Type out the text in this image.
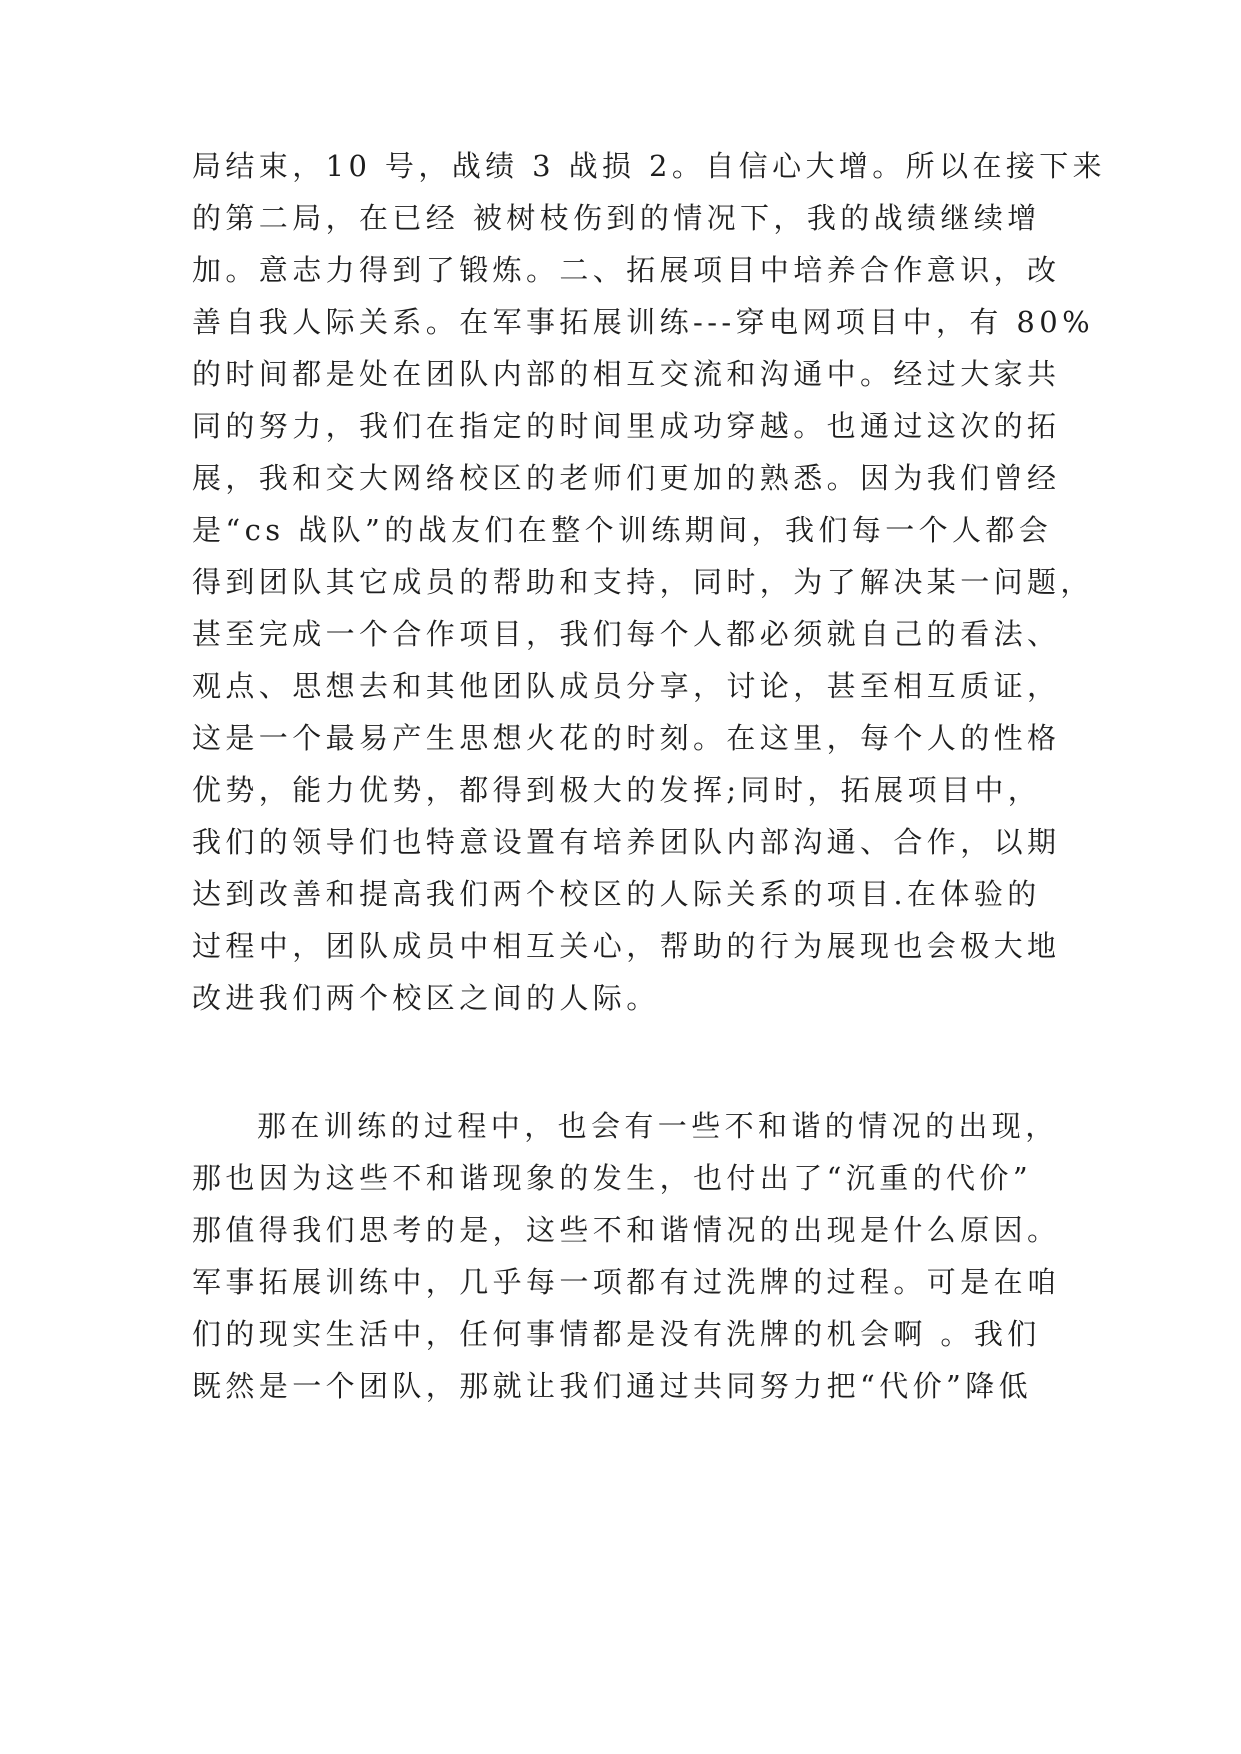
局结束，10 号，战绩 3 战损 2。自信心大增。所以在接下来
的第二局，在已经 被树枝伤到的情况下，我的战绩继续增
加。意志力得到了锻炼。二、拓展项目中培养合作意识，改
善自我人际关系。在军事拓展训练---穿电网项目中，有 80%
的时间都是处在团队内部的相互交流和沟通中。经过大家共
同的努力，我们在指定的时间里成功穿越。也通过这次的拓
展，我和交大网络校区的老师们更加的熟悉。因为我们曾经
是“cs 战队”的战友们在整个训练期间，我们每一个人都会
得到团队其它成员的帮助和支持，同时，为了解决某一问题，
甚至完成一个合作项目，我们每个人都必须就自己的看法、
观点、思想去和其他团队成员分享，讨论，甚至相互质证，
这是一个最易产生思想火花的时刻。在这里，每个人的性格
优势，能力优势，都得到极大的发挥;同时，拓展项目中，
我们的领导们也特意设置有培养团队内部沟通、合作，以期
达到改善和提高我们两个校区的人际关系的项目.在体验的
过程中，团队成员中相互关心，帮助的行为展现也会极大地
改进我们两个校区之间的人际。
那在训练的过程中，也会有一些不和谐的情况的出现，
那也因为这些不和谐现象的发生，也付出了“沉重的代价”
那值得我们思考的是，这些不和谐情况的出现是什么原因。
军事拓展训练中，几乎每一项都有过洗牌的过程。可是在咱
们的现实生活中，任何事情都是没有洗牌的机会啊 。我们
既然是一个团队，那就让我们通过共同努力把“代价”降低
